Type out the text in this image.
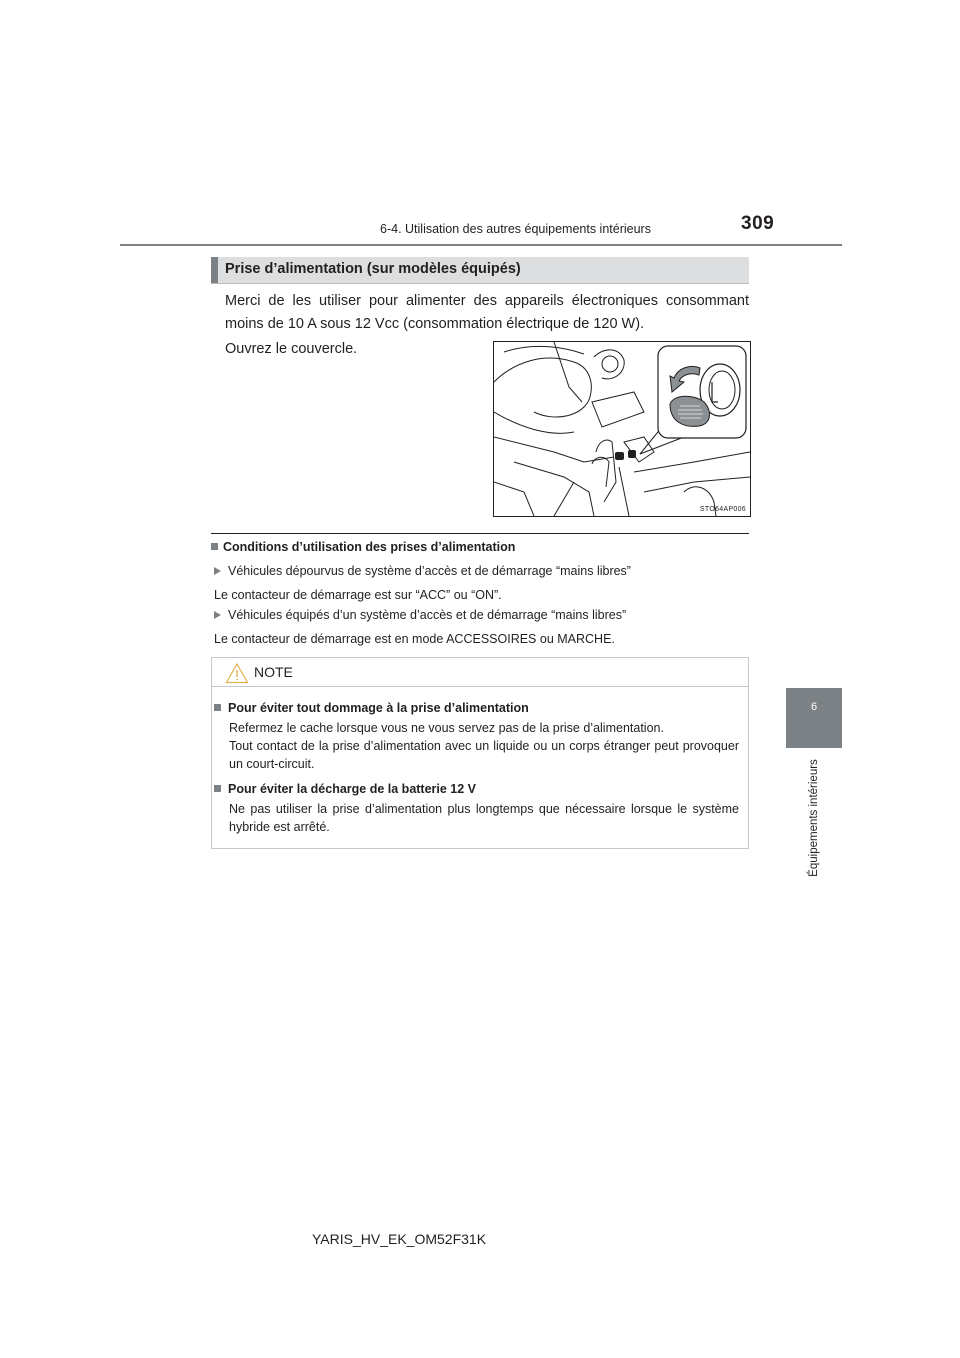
6-4. Utilisation des autres équipements intérieurs	309
6
Équipements intérieurs
Prise d’alimentation (sur modèles équipés)
Merci de les utiliser pour alimenter des appareils électroniques consommant moins de 10 A sous 12 Vcc (consommation électrique de 120 W).
Ouvrez le couvercle.
STO64AP006
Conditions d’utilisation des prises d’alimentation
Véhicules dépourvus de système d’accès et de démarrage “mains libres”
Le contacteur de démarrage est sur “ACC” ou “ON”.
Véhicules équipés d’un système d’accès et de démarrage “mains libres”
Le contacteur de démarrage est en mode ACCESSOIRES ou MARCHE.
NOTE
Pour éviter tout dommage à la prise d’alimentation
Refermez le cache lorsque vous ne vous servez pas de la prise d’alimentation.
Tout contact de la prise d’alimentation avec un liquide ou un corps étranger peut provoquer un court-circuit.
Pour éviter la décharge de la batterie 12 V
Ne pas utiliser la prise d’alimentation plus longtemps que nécessaire lorsque le système hybride est arrêté.
YARIS_HV_EK_OM52F31K
